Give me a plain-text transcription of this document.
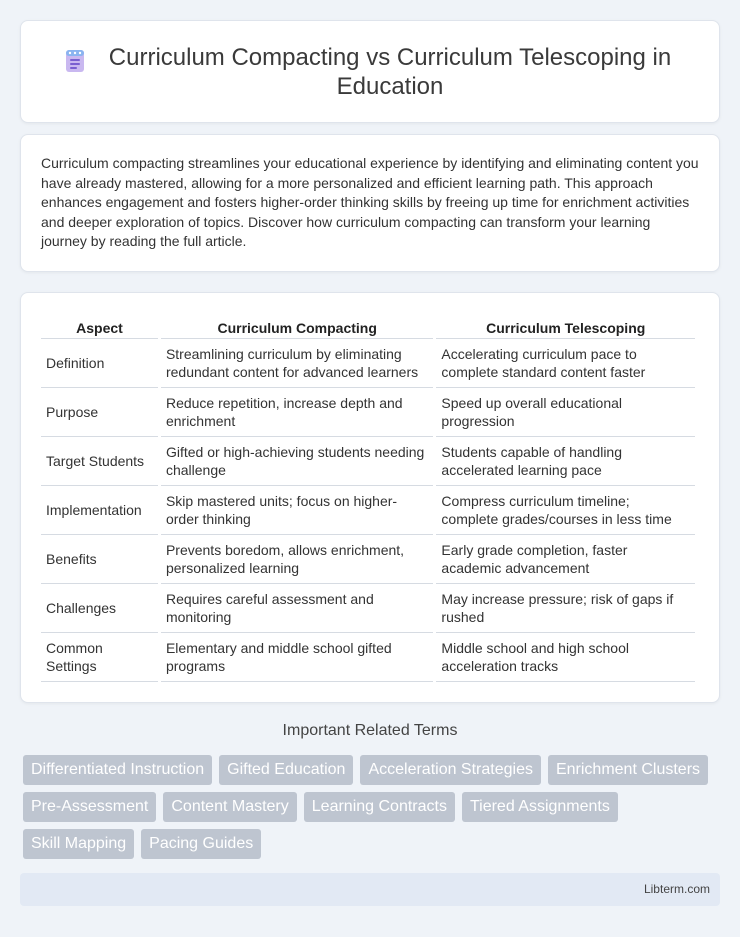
Curriculum Compacting vs Curriculum Telescoping in Education

Curriculum compacting streamlines your educational experience by identifying and eliminating content you have already mastered, allowing for a more personalized and efficient learning path. This approach enhances engagement and fosters higher-order thinking skills by freeing up time for enrichment activities and deeper exploration of topics. Discover how curriculum compacting can transform your learning journey by reading the full article.

Aspect	Curriculum Compacting	Curriculum Telescoping
Definition	Streamlining curriculum by eliminating redundant content for advanced learners	Accelerating curriculum pace to complete standard content faster
Purpose	Reduce repetition, increase depth and enrichment	Speed up overall educational progression
Target Students	Gifted or high-achieving students needing challenge	Students capable of handling accelerated learning pace
Implementation	Skip mastered units; focus on higher-order thinking	Compress curriculum timeline; complete grades/courses in less time
Benefits	Prevents boredom, allows enrichment, personalized learning	Early grade completion, faster academic advancement
Challenges	Requires careful assessment and monitoring	May increase pressure; risk of gaps if rushed
Common Settings	Elementary and middle school gifted programs	Middle school and high school acceleration tracks
Important Related Terms
Differentiated Instruction	Gifted Education	Acceleration Strategies	Enrichment Clusters
Pre-Assessment	Content Mastery	Learning Contracts	Tiered Assignments
Skill Mapping	Pacing Guides
Libterm.com
